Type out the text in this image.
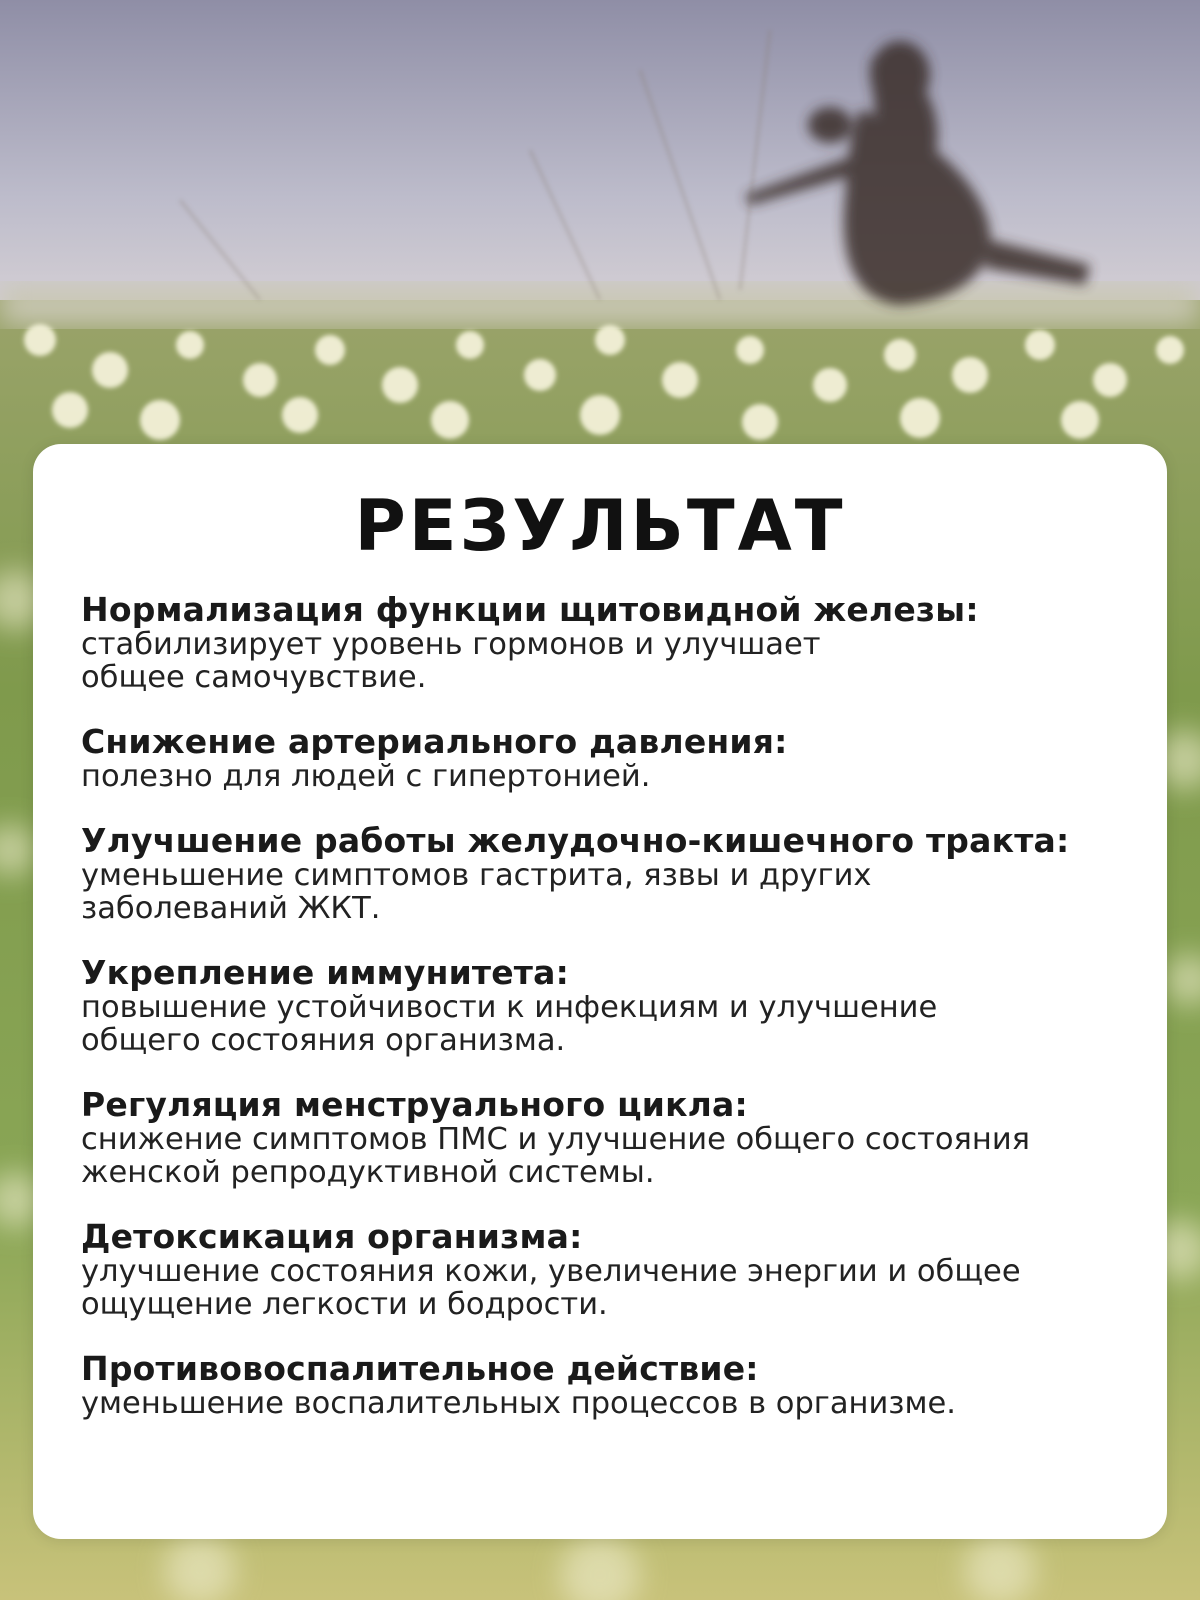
РЕЗУЛЬТАТ
Нормализация функции щитовидной железы:
стабилизирует уровень гормонов и улучшает
общее самочувствие.
Снижение артериального давления:
полезно для людей с гипертонией.
Улучшение работы желудочно-кишечного тракта:
уменьшение симптомов гастрита, язвы и других
заболеваний ЖКТ.
Укрепление иммунитета:
повышение устойчивости к инфекциям и улучшение
общего состояния организма.
Регуляция менструального цикла:
снижение симптомов ПМС и улучшение общего состояния
женской репродуктивной системы.
Детоксикация организма:
улучшение состояния кожи, увеличение энергии и общее
ощущение легкости и бодрости.
Противовоспалительное действие:
уменьшение воспалительных процессов в организме.
